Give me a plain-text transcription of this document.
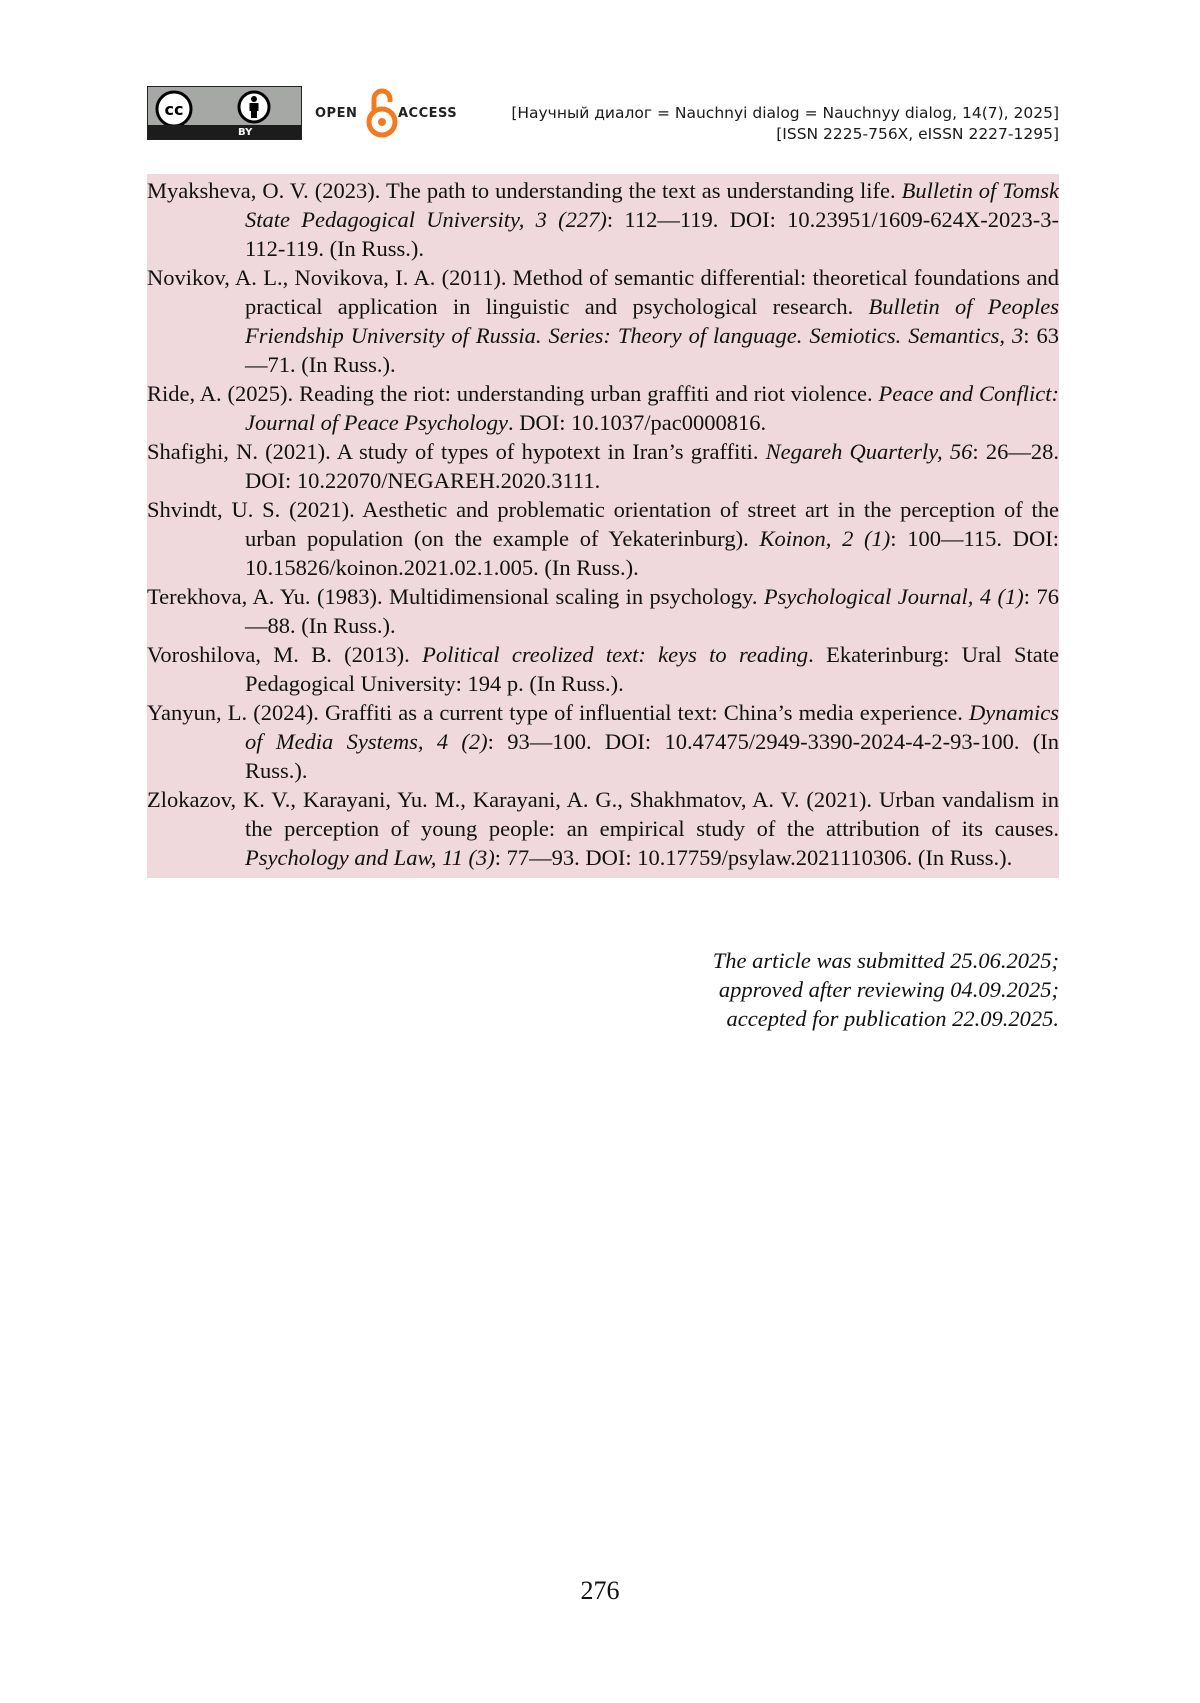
cc
BY
OPEN	ACCESS	[Научный диалог = Nauchnyi dialog = Nauchnyy dialog, 14(7), 2025]
[ISSN 2225-756X, eISSN 2227-1295]

Myaksheva, O. V. (2023). The path to understanding the text as understanding life. Bulletin of Tomsk State Pedagogical University, 3 (227): 112—119. DOI: 10.23951/1609-624X-2023-3-112-119. (In Russ.).

Novikov, A. L., Novikova, I. A. (2011). Method of semantic differential: theoretical foundations and practical application in linguistic and psychological research. Bulletin of Peoples Friendship University of Russia. Series: Theory of language. Semiotics. Semantics, 3: 63—71. (In Russ.).

Ride, A. (2025). Reading the riot: understanding urban graffiti and riot violence. Peace and Conflict: Journal of Peace Psychology. DOI: 10.1037/pac0000816.

Shafighi, N. (2021). A study of types of hypotext in Iran’s graffiti. Negareh Quarterly, 56: 26—28. DOI: 10.22070/NEGAREH.2020.3111.

Shvindt, U. S. (2021). Aesthetic and problematic orientation of street art in the perception of the urban population (on the example of Yekaterinburg). Koinon, 2 (1): 100—115. DOI: 10.15826/koinon.2021.02.1.005. (In Russ.).

Terekhova, A. Yu. (1983). Multidimensional scaling in psychology. Psychological Journal, 4 (1): 76—88. (In Russ.).

Voroshilova, M. B. (2013). Political creolized text: keys to reading. Ekaterinburg: Ural State Pedagogical University: 194 p. (In Russ.).

Yanyun, L. (2024). Graffiti as a current type of influential text: China’s media experience. Dynamics of Media Systems, 4 (2): 93—100. DOI: 10.47475/2949-3390-2024-4-2-93-100. (In Russ.).

Zlokazov, K. V., Karayani, Yu. M., Karayani, A. G., Shakhmatov, A. V. (2021). Urban vandalism in the perception of young people: an empirical study of the attribution of its causes. Psychology and Law, 11 (3): 77—93. DOI: 10.17759/psylaw.2021110306. (In Russ.).

The article was submitted 25.06.2025;
approved after reviewing 04.09.2025;
accepted for publication 22.09.2025.
276
